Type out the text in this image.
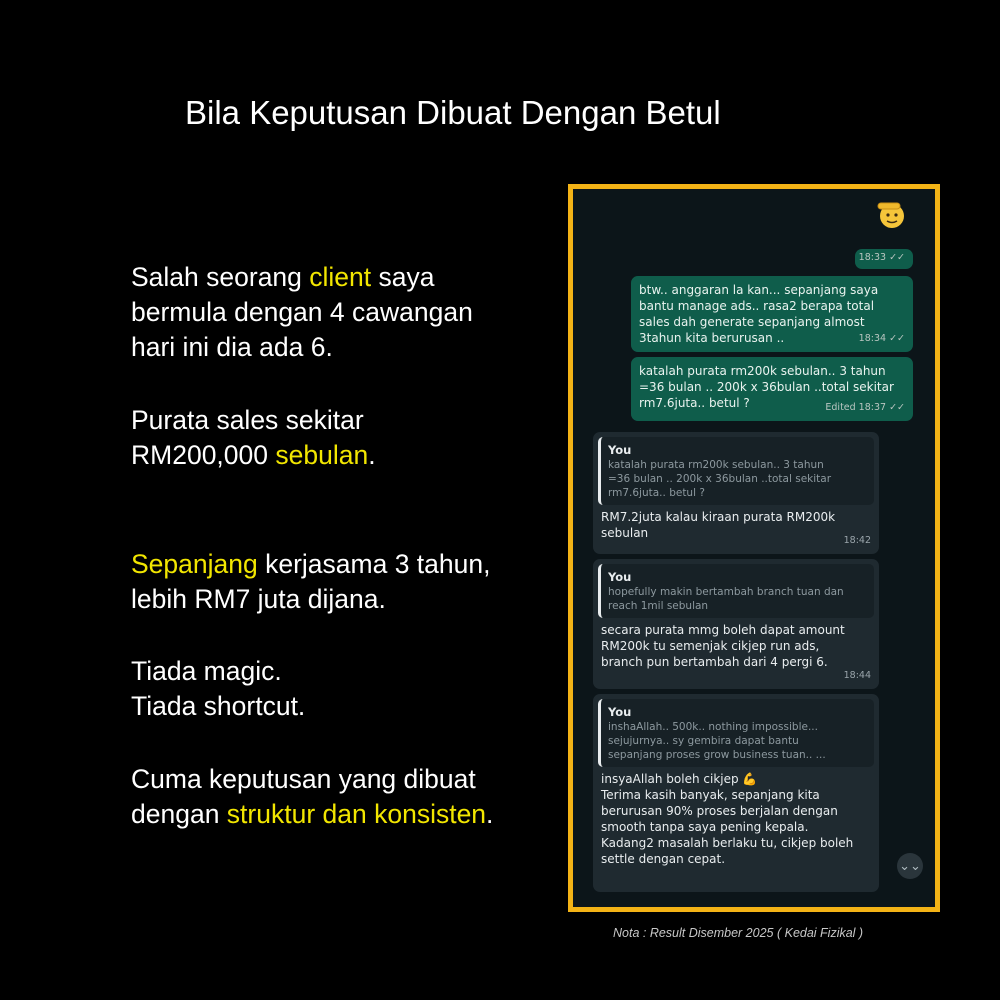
Bila Keputusan Dibuat Dengan Betul
Salah seorang client saya
bermula dengan 4 cawangan
hari ini dia ada 6.
Purata sales sekitar
RM200,000 sebulan.
Sepanjang kerjasama 3 tahun,
lebih RM7 juta dijana.
Tiada magic.
Tiada shortcut.
Cuma keputusan yang dibuat
dengan struktur dan konsisten.
18:33 ✓✓
btw.. anggaran la kan... sepanjang saya
bantu manage ads.. rasa2 berapa total
sales dah generate sepanjang almost
3tahun kita berurusan ..	18:34 ✓✓
katalah purata rm200k sebulan.. 3 tahun
=36 bulan .. 200k x 36bulan ..total sekitar
rm7.6juta.. betul ?	Edited 18:37 ✓✓
You
katalah purata rm200k sebulan.. 3 tahun
=36 bulan .. 200k x 36bulan ..total sekitar
rm7.6juta.. betul ?
RM7.2juta kalau kiraan purata RM200k
sebulan
18:42
You
hopefully makin bertambah branch tuan dan
reach 1mil sebulan
secara purata mmg boleh dapat amount
RM200k tu semenjak cikjep run ads,
branch pun bertambah dari 4 pergi 6.
18:44
You
inshaAllah.. 500k.. nothing impossible...
sejujurnya.. sy gembira dapat bantu
sepanjang proses grow business tuan.. ...
insyaAllah boleh cikjep 💪
Terima kasih banyak, sepanjang kita
berurusan 90% proses berjalan dengan
smooth tanpa saya pening kepala.
Kadang2 masalah berlaku tu, cikjep boleh
settle dengan cepat.	⌄⌄
Nota : Result Disember 2025 ( Kedai Fizikal )
